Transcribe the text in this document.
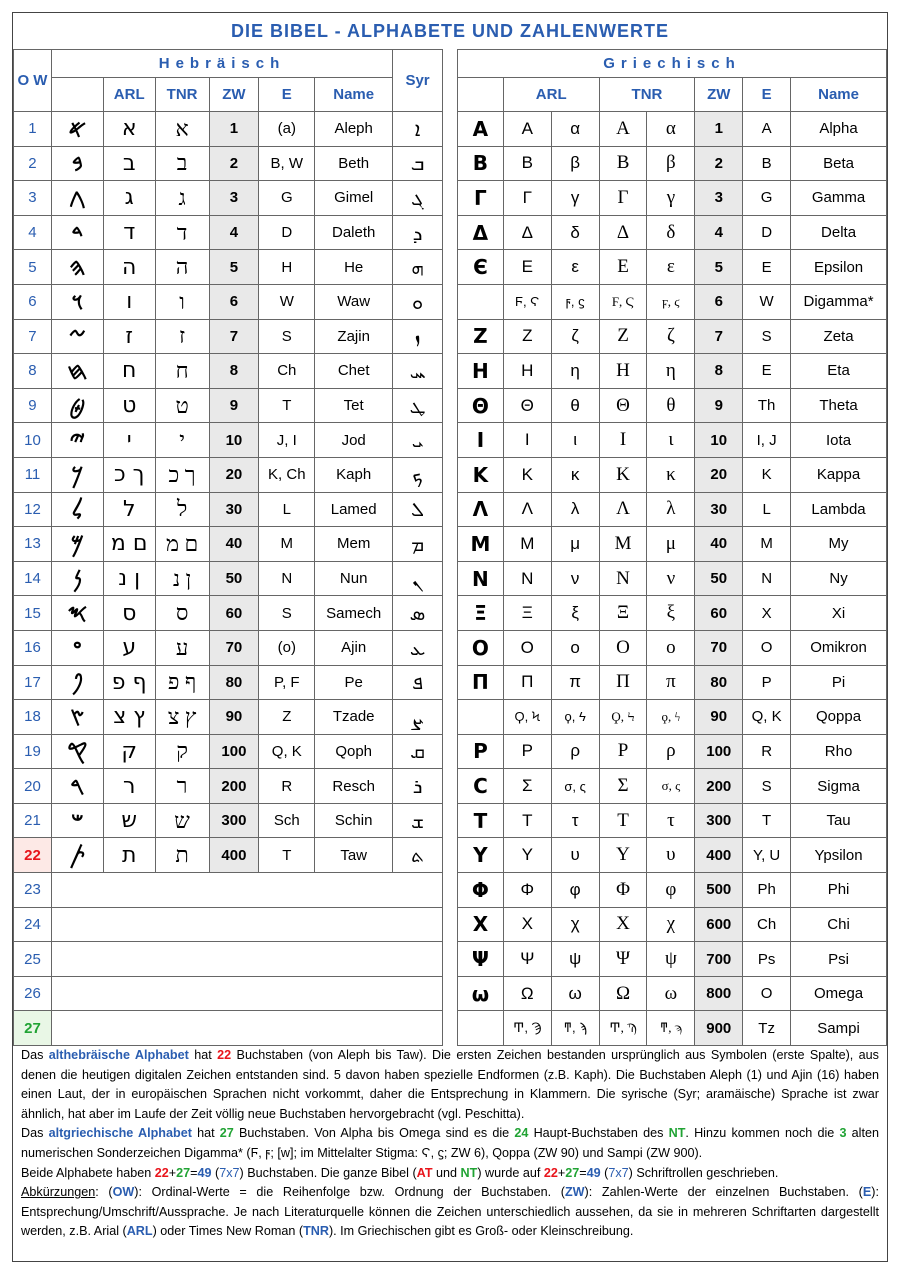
DIE BIBEL - ALPHABETE UND ZAHLENWERTE
O W	Hebräisch						Syr
		ARL	TNR	ZW	E	Name	
1	𐤀	א	א	1	(a)	Aleph	ܐ
2	𐤁	ב	ב	2	B, W	Beth	ܒ
3	𐤂	ג	ג	3	G	Gimel	ܓ
4	𐤃	ד	ד	4	D	Daleth	ܕ
5	𐤄	ה	ה	5	H	He	ܗ
6	𐤅	ו	ו	6	W	Waw	ܘ
7	𐤆	ז	ז	7	S	Zajin	ܙ
8	𐤇	ח	ח	8	Ch	Chet	ܚ
9	𐤈	ט	ט	9	T	Tet	ܛ
10	𐤉	י	י	10	J, I	Jod	ܝ
11	𐤊	ך כ	ך כ	20	K, Ch	Kaph	ܟ
12	𐤋	ל	ל	30	L	Lamed	ܠ
13	𐤌	ם מ	ם מ	40	M	Mem	ܡ
14	𐤍	ן נ	ן נ	50	N	Nun	ܢ
15	𐤎	ס	ס	60	S	Samech	ܣ
16	𐤏	ע	ע	70	(o)	Ajin	ܥ
17	𐤐	ף פ	ף פ	80	P, F	Pe	ܦ
18	𐤑	ץ צ	ץ צ	90	Z	Tzade	ܨ
19	𐤒	ק	ק	100	Q, K	Qoph	ܩ
20	𐤓	ר	ר	200	R	Resch	ܪ
21	𐤔	ש	ש	300	Sch	Schin	ܫ
22	𐤕	ת	ת	400	T	Taw	ܬ
23							
24							
25							
26							
27							
Griechisch							
	ARL		TNR		ZW	E	Name
Α	Α	α	Α	α	1	A	Alpha
Β	Β	β	Β	β	2	B	Beta
Γ	Γ	γ	Γ	γ	3	G	Gamma
Δ	Δ	δ	Δ	δ	4	D	Delta
Є	Ε	ε	Ε	ε	5	E	Epsilon
	Ϝ, Ϛ	ϝ, ϛ	Ϝ, Ϛ	ϝ, ϛ	6	W	Digamma*
Ζ	Ζ	ζ	Ζ	ζ	7	S	Zeta
Η	Η	η	Η	η	8	E	Eta
Θ	Θ	θ	Θ	θ	9	Th	Theta
Ι	Ι	ι	Ι	ι	10	I, J	Iota
Κ	Κ	κ	Κ	κ	20	K	Kappa
Λ	Λ	λ	Λ	λ	30	L	Lambda
Μ	Μ	μ	Μ	μ	40	M	My
Ν	Ν	ν	Ν	ν	50	N	Ny
Ξ	Ξ	ξ	Ξ	ξ	60	X	Xi
Ο	Ο	ο	Ο	ο	70	O	Omikron
Π	Π	π	Π	π	80	P	Pi
	Ϙ, Ϟ	ϙ, ϟ	Ϙ, Ϟ	ϙ, ϟ	90	Q, K	Qoppa
Ρ	Ρ	ρ	Ρ	ρ	100	R	Rho
С	Σ	σ, ς	Σ	σ, ς	200	S	Sigma
Τ	Τ	τ	Τ	τ	300	T	Tau
Υ	Υ	υ	Υ	υ	400	Y, U	Ypsilon
Φ	Φ	φ	Φ	φ	500	Ph	Phi
Χ	Χ	χ	Χ	χ	600	Ch	Chi
Ψ	Ψ	ψ	Ψ	ψ	700	Ps	Psi
ω	Ω	ω	Ω	ω	800	O	Omega
	Ͳ, Ϡ	ͳ, ϡ	Ͳ, Ϡ	ͳ, ϡ	900	Tz	Sampi
Das althebräische Alphabet hat 22 Buchstaben (von Aleph bis Taw). Die ersten Zeichen bestanden ursprünglich aus Symbolen (erste Spalte), aus denen die heutigen digitalen Zeichen entstanden sind. 5 davon haben spezielle Endformen (z.B. Kaph). Die Buchstaben Aleph (1) und Ajin (16) haben einen Laut, der in europäischen Sprachen nicht vorkommt, daher die Entsprechung in Klammern. Die syrische (Syr; aramäische) Sprache ist zwar ähnlich, hat aber im Laufe der Zeit völlig neue Buchstaben hervorgebracht (vgl. Peschitta).
Das altgriechische Alphabet hat 27 Buchstaben. Von Alpha bis Omega sind es die 24 Haupt-Buchstaben des NT. Hinzu kommen noch die 3 alten numerischen Sonderzeichen Digamma* (Ϝ, ϝ; [w]; im Mittelalter Stigma: Ϛ, ϛ; ZW 6), Qoppa (ZW 90) und Sampi (ZW 900).
Beide Alphabete haben 22+27=49 (7x7) Buchstaben. Die ganze Bibel (AT und NT) wurde auf 22+27=49 (7x7) Schriftrollen geschrieben.
Abkürzungen: (OW): Ordinal-Werte = die Reihenfolge bzw. Ordnung der Buchstaben. (ZW): Zahlen-Werte der einzelnen Buchstaben. (E): Entsprechung/Umschrift/Aussprache. Je nach Literaturquelle können die Zeichen unterschiedlich aussehen, da sie in mehreren Schriftarten dargestellt werden, z.B. Arial (ARL) oder Times New Roman (TNR). Im Griechischen gibt es Groß- oder Kleinschreibung.
